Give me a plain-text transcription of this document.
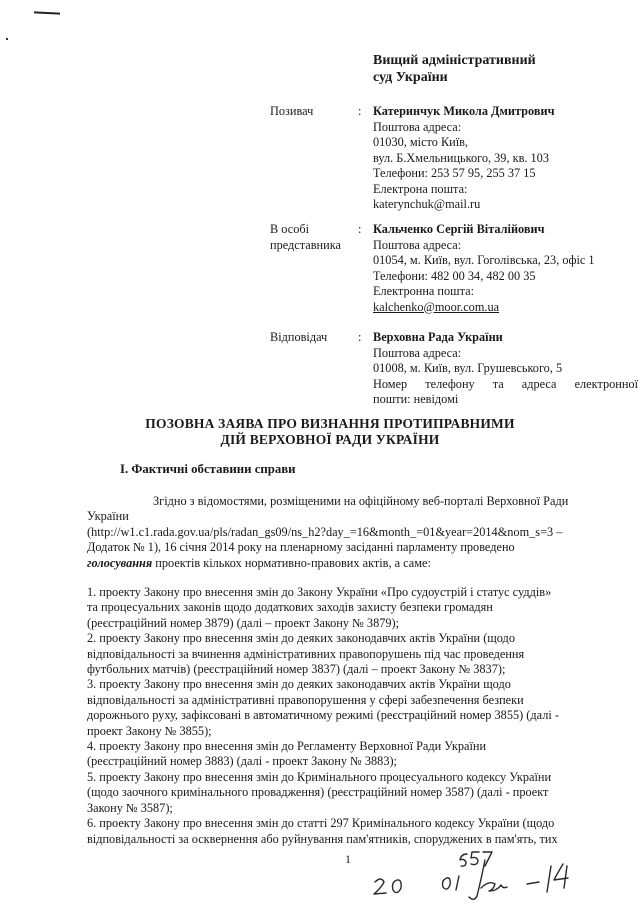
Вищий адміністративний
суд України
Позивач	: Катеринчук Микола Дмитрович
Поштова адреса:
01030, місто Київ,
вул. Б.Хмельницького, 39, кв. 103
Телефони: 253 57 95, 255 37 15
Електрона пошта:
katerynchuk@mail.ru
В особі
представника
: Кальченко Сергій Віталійович
Поштова адреса:
01054, м. Київ, вул. Гоголівська, 23, офіс 1
Телефони: 482 00 34, 482 00 35
Електронна пошта:
kalchenko@moor.com.ua
Відповідач	: Верховна Рада України
Поштова адреса:
01008, м. Київ, вул. Грушевського, 5
Номер телефону та адреса електронної
пошти: невідомі
ПОЗОВНА ЗАЯВА ПРО ВИЗНАННЯ ПРОТИПРАВНИМИ
ДІЙ ВЕРХОВНОЇ РАДИ УКРАЇНИ
I. Фактичні обставини справи
Згідно з відомостями, розміщеними на офіційному веб-порталі Верховної Ради
України
(http://w1.c1.rada.gov.ua/pls/radan_gs09/ns_h2?day_=16&month_=01&year=2014&nom_s=3 –
Додаток № 1), 16 січня 2014 року на пленарному засіданні парламенту проведено
голосування проектів кількох нормативно-правових актів, а саме:
1. проекту Закону про внесення змін до Закону України «Про судоустрій і статус суддів»
та процесуальних законів щодо додаткових заходів захисту безпеки громадян
(реєстраційний номер 3879) (далі – проект Закону № 3879);
2. проекту Закону про внесення змін до деяких законодавчих актів України (щодо
відповідальності за вчинення адміністративних правопорушень під час проведення
футбольних матчів) (реєстраційний номер 3837) (далі – проект Закону № 3837);
3. проекту Закону про внесення змін до деяких законодавчих актів України щодо
відповідальності за адміністративні правопорушення у сфері забезпечення безпеки
дорожнього руху, зафіксовані в автоматичному режимі (реєстраційний номер 3855) (далі -
проект Закону № 3855);
4. проекту Закону про внесення змін до Регламенту Верховної Ради України
(реєстраційний номер 3883) (далі - проект Закону № 3883);
5. проекту Закону про внесення змін до Кримінального процесуального кодексу України
(щодо заочного кримінального провадження) (реєстраційний номер 3587) (далі - проект
Закону № 3587);
6. проекту Закону про внесення змін до статті 297 Кримінального кодексу України (щодо
відповідальності за осквернення або руйнування пам'ятників, споруджених в пам'ять, тих
1
